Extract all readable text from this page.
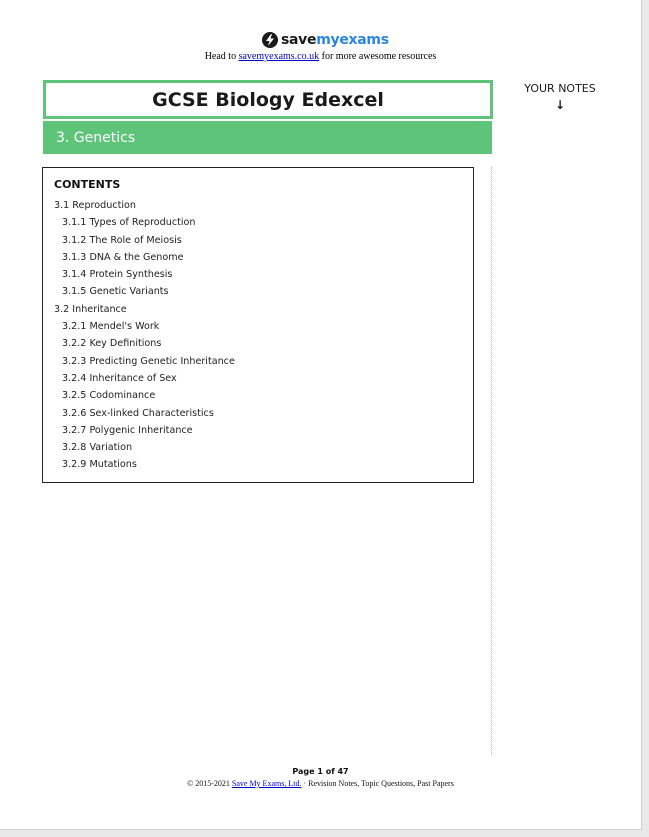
savemyexams
Head to savemyexams.co.uk for more awesome resources
GCSE Biology Edexcel
3. Genetics
YOUR NOTES
↓
CONTENTS
3.1 Reproduction
3.1.1 Types of Reproduction
3.1.2 The Role of Meiosis
3.1.3 DNA & the Genome
3.1.4 Protein Synthesis
3.1.5 Genetic Variants
3.2 Inheritance
3.2.1 Mendel's Work
3.2.2 Key Definitions
3.2.3 Predicting Genetic Inheritance
3.2.4 Inheritance of Sex
3.2.5 Codominance
3.2.6 Sex-linked Characteristics
3.2.7 Polygenic Inheritance
3.2.8 Variation
3.2.9 Mutations
Page 1 of 47
© 2015-2021 Save My Exams, Ltd. · Revision Notes, Topic Questions, Past Papers
